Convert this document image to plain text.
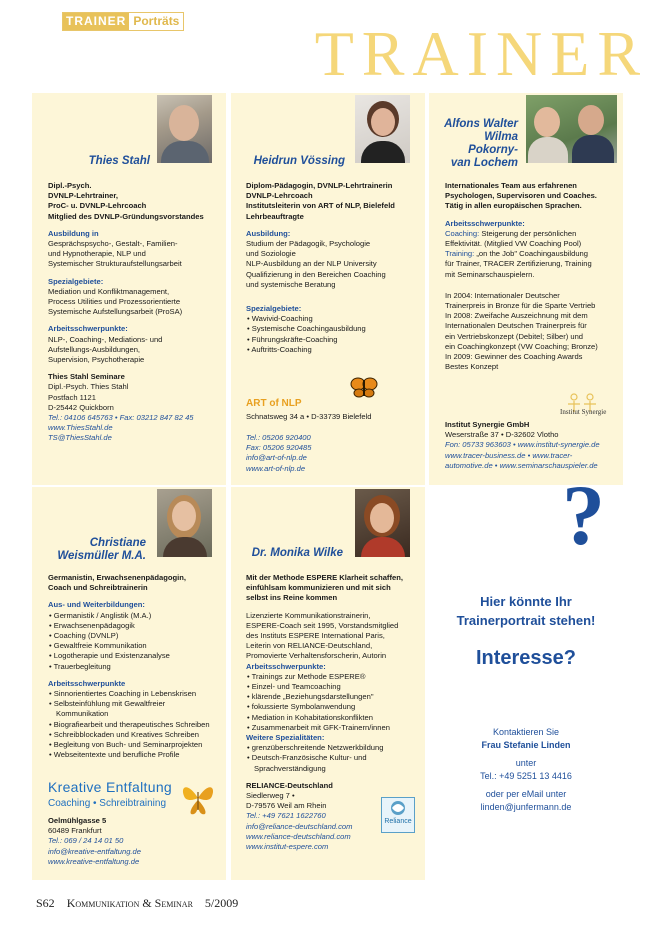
TRAINER Porträts TRAINER
Thies Stahl

Dipl.-Psych.

DVNLP-Lehrtrainer,

ProC- u. DVNLP-Lehrcoach

Mitglied des DVNLP-Gründungsvorstandes

Ausbildung in

Gesprächspsycho-, Gestalt-, Familien-

und Hypnotherapie, NLP und

Systemischer Strukturaufstellungsarbeit

Spezialgebiete:

Mediation und Konfliktmanagement,

Process Utilities und Prozessorientierte

Systemische Aufstellungsarbeit (ProSA)

Arbeitsschwerpunkte:

NLP-, Coaching-, Mediations- und

Aufstellungs-Ausbildungen,

Supervision, Psychotherapie

Thies Stahl Seminare

Dipl.-Psych. Thies Stahl

Postfach 1121

D-25442 Quickborn

Tel.: 04106 645763 • Fax: 03212 847 82 45

www.ThiesStahl.de

TS@ThiesStahl.de

Heidrun Vössing

Diplom-Pädagogin, DVNLP-Lehrtrainerin

DVNLP-Lehrcoach

Institutsleiterin von ART of NLP, Bielefeld

Lehrbeauftragte

Ausbildung:

Studium der Pädagogik, Psychologie

und Soziologie

NLP-Ausbildung an der NLP University

Qualifizierung in den Bereichen Coaching

und systemische Beratung

Spezialgebiete:

• Wavivid-Coaching
• Systemische Coachingausbildung
• Führungskräfte-Coaching
• Auftritts-Coaching
ART of NLP
Schnatsweg 34 a • D-33739 Bielefeld

Tel.: 05206 920400

Fax: 05206 920485

info@art-of-nlp.de

www.art-of-nlp.de

Alfons Walter
Wilma
Pokorny-
van Lochem

Internationales Team aus erfahrenen

Psychologen, Supervisoren und Coaches.

Tätig in allen europäischen Sprachen.

Arbeitsschwerpunkte:

Coaching: Steigerung der persönlichen

Effektivität. (Mitglied VW Coaching Pool)

Training: „on the Job" Coachingausbildung

für Trainer, TRACER Zertifizierung, Training

mit Seminarschauspielern.

In 2004: Internationaler Deutscher

Trainerpreis in Bronze für die Sparte Vertrieb

In 2008: Zweifache Auszeichnung mit dem

Internationalen Deutschen Trainerpreis für

ein Vertriebskonzept (Debitel; Silber) und

ein Coachingkonzept (VW Coaching; Bronze)

In 2009: Gewinner des Coaching Awards

Bestes Konzept

Institut Synergie

Institut Synergie GmbH

Weserstraße 37 • D-32602 Vlotho

Fon: 05733 963603 • www.institut-synergie.de

www.tracer-business.de • www.tracer-

automotive.de • www.seminarschauspieler.de

Christiane
Weismüller M.A.

Germanistin, Erwachsenenpädagogin,

Coach und Schreibtrainerin

Aus- und Weiterbildungen:

• Germanistik / Anglistik (M.A.)
• Erwachsenenpädagogik
• Coaching (DVNLP)
• Gewaltfreie Kommunikation
• Logotherapie und Existenzanalyse
• Trauerbegleitung

Arbeitsschwerpunkte

• Sinnorientiertes Coaching in Lebenskrisen
• Selbsteinfühlung mit Gewaltfreier
Kommunikation
• Biografiearbeit und therapeutisches Schreiben
• Schreibblockaden und Kreatives Schreiben
• Begleitung von Buch- und Seminarprojekten
• Webseitentexte und berufliche Profile
Kreative Entfaltung
Coaching • Schreibtraining

Oelmühlgasse 5

60489 Frankfurt

Tel.: 069 / 24 14 01 50

info@kreative-entfaltung.de

www.kreative-entfaltung.de

Dr. Monika Wilke

Mit der Methode ESPERE Klarheit schaffen,

einfühlsam kommunizieren und mit sich

selbst ins Reine kommen

Lizenzierte Kommunikationstrainerin,

ESPERE-Coach seit 1995, Vorstandsmitglied

des Instituts ESPERE International Paris,

Leiterin von RELIANCE-Deutschland,

Promovierte Verhaltensforscherin, Autorin

Arbeitsschwerpunkte:

• Trainings zur Methode ESPERE®
• Einzel- und Teamcoaching
• klärende „Beziehungsdarstellungen"
• fokussierte Symbolanwendung
• Mediation in Kohabitationskonflikten
• Zusammenarbeit mit GFK-Trainern/innen

Weitere Spezialitäten:

• grenzüberschreitende Netzwerkbildung
• Deutsch-Französische Kultur- und
Sprachverständigung

RELIANCE-Deutschland

Siedlerweg 7 •

D-79576 Weil am Rhein

Tel.: +49 7621 1622760

info@reliance-deutschland.com

www.reliance-deutschland.com

www.institut-espere.com

Reliance
?
Hier könnte Ihr
Trainerportrait stehen!
Interesse?
Kontaktieren Sie
Frau Stefanie Linden
unter
Tel.: +49 5251 13 4416
oder per eMail unter
linden@junfermann.de
S62 Kommunikation & Seminar 5/2009
